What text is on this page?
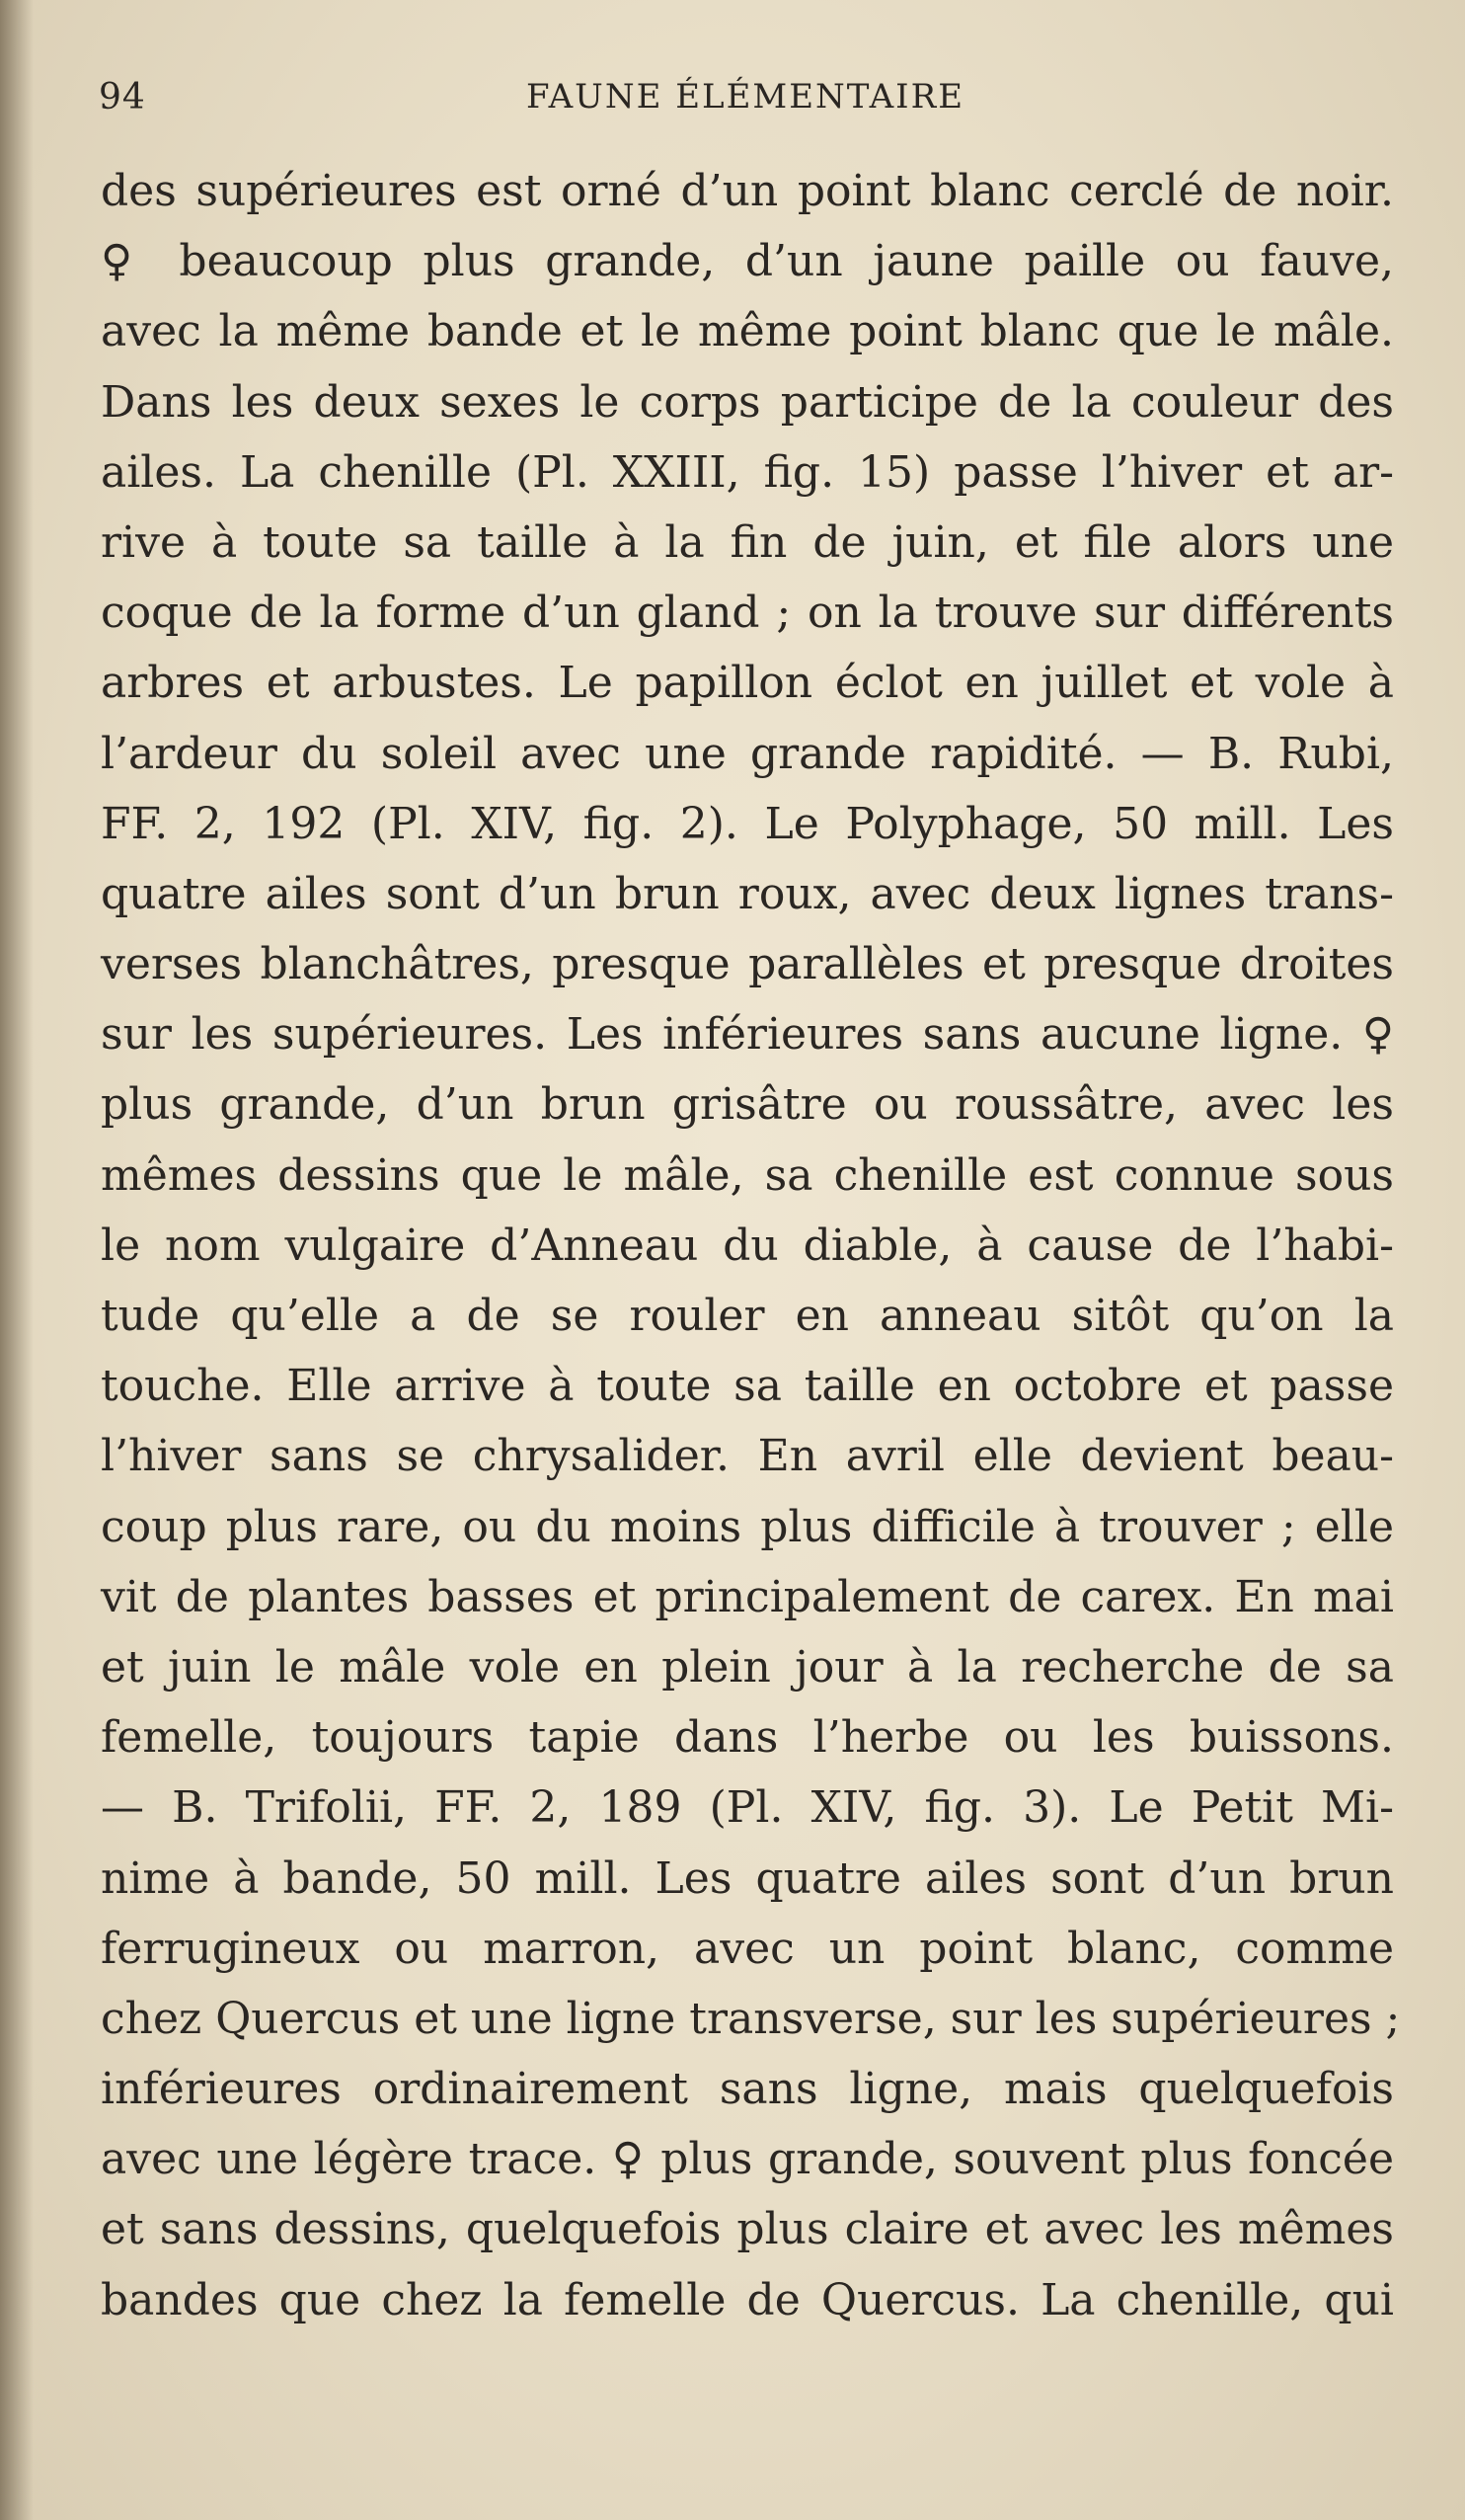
94	FAUNE ÉLÉMENTAIRE
des supérieures est orné d’un point blanc cerclé de noir.
♀ beaucoup plus grande, d’un jaune paille ou fauve,
avec la même bande et le même point blanc que le mâle.
Dans les deux sexes le corps participe de la couleur des
ailes. La chenille (Pl. XXIII, fig. 15) passe l’hiver et ar-
rive à toute sa taille à la fin de juin, et file alors une
coque de la forme d’un gland ; on la trouve sur différents
arbres et arbustes. Le papillon éclot en juillet et vole à
l’ardeur du soleil avec une grande rapidité. — B. Rubi,
FF. 2, 192 (Pl. XIV, fig. 2). Le Polyphage, 50 mill. Les
quatre ailes sont d’un brun roux, avec deux lignes trans-
verses blanchâtres, presque parallèles et presque droites
sur les supérieures. Les inférieures sans aucune ligne. ♀
plus grande, d’un brun grisâtre ou roussâtre, avec les
mêmes dessins que le mâle, sa chenille est connue sous
le nom vulgaire d’Anneau du diable, à cause de l’habi-
tude qu’elle a de se rouler en anneau sitôt qu’on la
touche. Elle arrive à toute sa taille en octobre et passe
l’hiver sans se chrysalider. En avril elle devient beau-
coup plus rare, ou du moins plus difficile à trouver ; elle
vit de plantes basses et principalement de carex. En mai
et juin le mâle vole en plein jour à la recherche de sa
femelle, toujours tapie dans l’herbe ou les buissons.
— B. Trifolii, FF. 2, 189 (Pl. XIV, fig. 3). Le Petit Mi-
nime à bande, 50 mill. Les quatre ailes sont d’un brun
ferrugineux ou marron, avec un point blanc, comme
chez Quercus et une ligne transverse, sur les supérieures ;
inférieures ordinairement sans ligne, mais quelquefois
avec une légère trace. ♀ plus grande, souvent plus foncée
et sans dessins, quelquefois plus claire et avec les mêmes
bandes que chez la femelle de Quercus. La chenille, qui
